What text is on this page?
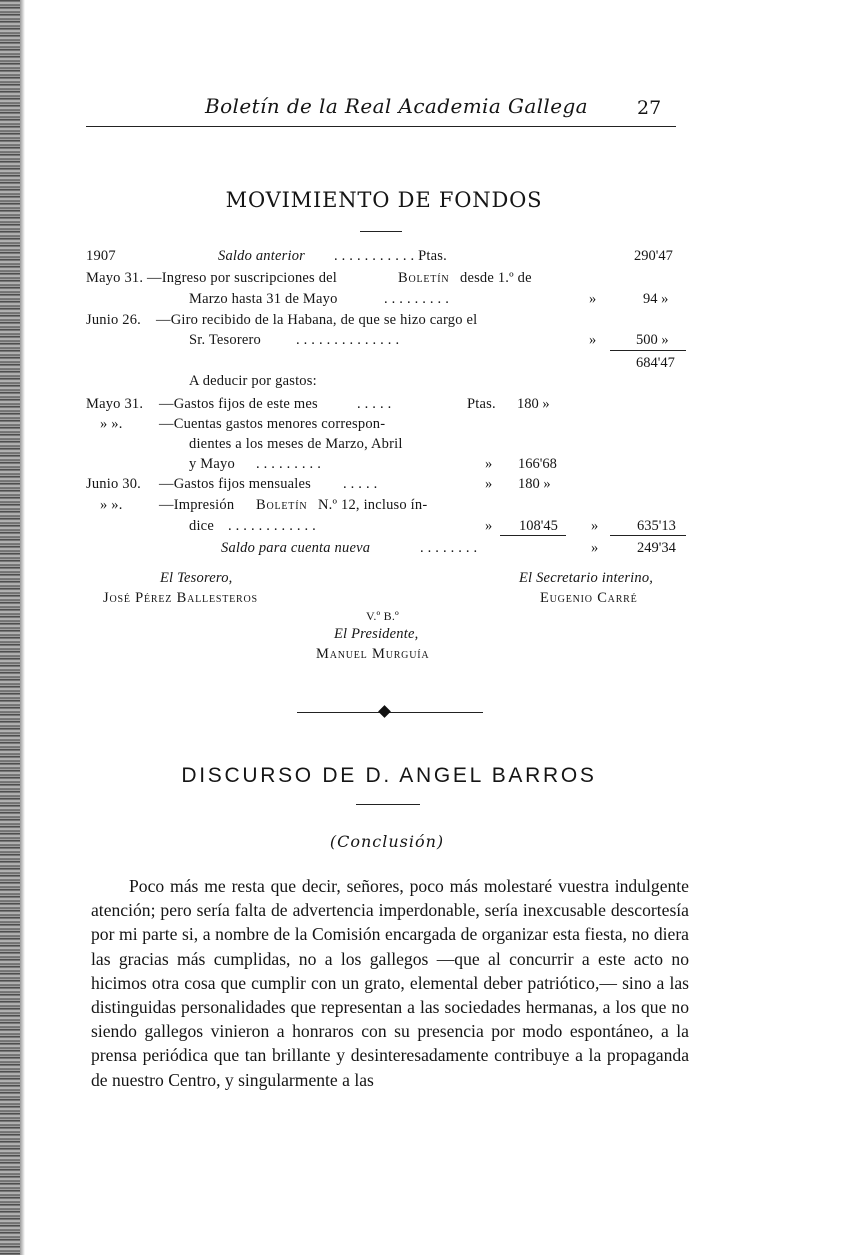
Boletín de la Real Academia Gallega	27
MOVIMIENTO DE FONDOS
1907	Saldo anterior . . . . . . . . . . . Ptas.	290'47
Mayo 31. —Ingreso por suscripciones del	Boletín desde 1.º de
Marzo hasta 31 de Mayo	. . . . . . . . .	»	94 »
Junio 26. —Giro recibido de la Habana, de que se hizo cargo el
Sr. Tesorero . . . . . . . . . . . . . .	»	500 »
684'47
A deducir por gastos:
Mayo 31. —Gastos fijos de este mes	. . . . .	Ptas. 180 »
» ».	—Cuentas gastos menores correspon-
dientes a los meses de Marzo, Abril
y Mayo . . . . . . . . .	» 166'68
Junio 30. —Gastos fijos mensuales . . . . .	» 180 »
» ».	—Impresión Boletín N.º 12, incluso ín-
dice . . . . . . . . . . . .	» 108'45 »	635'13
Saldo para cuenta nueva	. . . . . . . .	»	249'34
El Tesorero,
José Pérez Ballesteros
El Secretario interino,
Eugenio Carré
V.º B.º
El Presidente,
Manuel Murguía
DISCURSO DE D. ANGEL BARROS
(Conclusión)
Poco más me resta que decir, señores, poco más molestaré vuestra indulgente atención; pero sería falta de advertencia imperdonable, sería inexcusable descortesía por mi parte si, a nombre de la Comisión encargada de organizar esta fiesta, no diera las gracias más cumplidas, no a los gallegos —que al concurrir a este acto no hicimos otra cosa que cumplir con un grato, elemental deber patriótico,— sino a las distinguidas personalidades que representan a las sociedades hermanas, a los que no siendo gallegos vinieron a honraros con su presencia por modo espontáneo, a la prensa periódica que tan brillante y desinteresadamente contribuye a la propaganda de nuestro Centro, y singularmente a las
